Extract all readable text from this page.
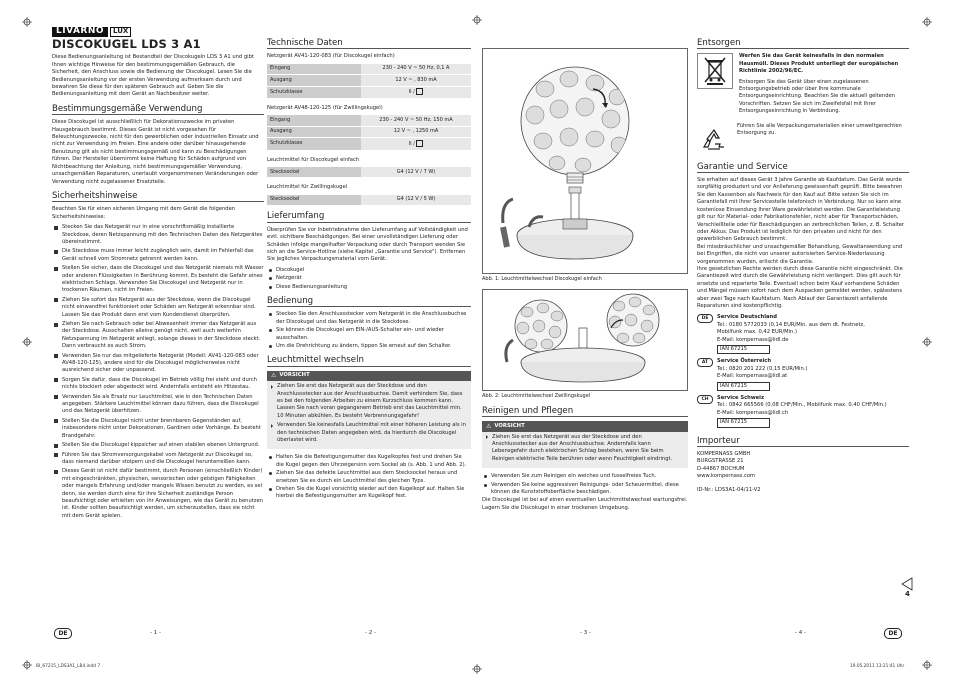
LIVARNO	LUX
DISCOKUGEL LDS 3 A1

Diese Bedienungsanleitung ist Bestandteil der Discokugeln LDS 3 A1 und gibt Ihnen wichtige Hinweise für den bestimmungsgemäßen Gebrauch, die Sicherheit, den Anschluss sowie die Bedienung der Discokugel. Lesen Sie die Bedienungsanleitung vor der ersten Verwendung aufmerksam durch und bewahren Sie diese für den späteren Gebrauch auf. Geben Sie die Bedienungsanleitung mit dem Gerät an Nachbesitzer weiter.

Bestimmungsgemäße Verwendung

Diese Discokugel ist ausschließlich für Dekorationszwecke im privaten Hausgebrauch bestimmt. Dieses Gerät ist nicht vorgesehen für Beleuchtungszwecke, nicht für den gewerblichen oder industriellen Einsatz und nicht zur Verwendung im Freien. Eine andere oder darüber hinausgehende Benutzung gilt als nicht bestimmungsgemäß und kann zu Beschädigungen führen. Der Hersteller übernimmt keine Haftung für Schäden aufgrund von Nichtbeachtung der Anleitung, nicht bestimmungsgemäßer Verwendung, unsachgemäßen Reparaturen, unerlaubt vorgenommenen Veränderungen oder Verwendung nicht zugelassener Ersatzteile.

Sicherheitshinweise

Beachten Sie für einen sicheren Umgang mit dem Gerät die folgenden Sicherheitshinweise:

Stecken Sie das Netzgerät nur in eine vorschriftsmäßig installierte Steckdose, deren Netzspannung mit den Technischen Daten des Netzgerätes übereinstimmt.
Die Steckdose muss immer leicht zugänglich sein, damit im Fehlerfall das Gerät schnell vom Stromnetz getrennt werden kann.
Stellen Sie sicher, dass die Discokugel und das Netzgerät niemals mit Wasser oder anderen Flüssigkeiten in Berührung kommt. Es besteht die Gefahr eines elektrischen Schlags. Verwenden Sie Discokugel und Netzgerät nur in trockenen Räumen, nicht im Freien.
Ziehen Sie sofort das Netzgerät aus der Steckdose, wenn die Discokugel nicht einwandfrei funktioniert oder Schäden am Netzgerät erkennbar sind. Lassen Sie das Produkt dann erst vom Kundendienst überprüfen.
Ziehen Sie nach Gebrauch oder bei Abwesenheit immer das Netzgerät aus der Steckdose. Ausschalten alleine genügt nicht, weil auch weiterhin Netzspannung im Netzgerät anliegt, solange dieses in der Steckdose steckt. Dann verbraucht es auch Strom.
Verwenden Sie nur das mitgelieferte Netzgerät (Modell: AV41-120-083 oder AV48-120-125), andere sind für die Discokugel möglicherweise nicht ausreichend sicher oder unpassend.
Sorgen Sie dafür, dass die Discokugel im Betrieb völlig frei steht und durch nichts blockiert oder abgedeckt wird. Andernfalls entsteht ein Hitzestau.
Verwenden Sie als Ersatz nur Leuchtmittel, wie in den Technischen Daten angegeben. Stärkere Leuchtmittel können dazu führen, dass die Discokugel und das Netzgerät überhitzen.
Stellen Sie die Discokugel nicht unter brennbaren Gegenständen auf, insbesondere nicht unter Dekorationen, Gardinen oder Vorhänge. Es besteht Brandgefahr.
Stellen Sie die Discokugel kippsicher auf einen stabilen ebenen Untergrund.
Führen Sie das Stromversorgungskabel vom Netzgerät zur Discokugel so, dass niemand darüber stolpern und die Discokugel herunterreißen kann.
Dieses Gerät ist nicht dafür bestimmt, durch Personen (einschließlich Kinder) mit eingeschränkten, physischen, sensorischen oder geistigen Fähigkeiten oder mangels Erfahrung und/oder mangels Wissen benutzt zu werden, es sei denn, sie werden durch eine für ihre Sicherheit zuständige Person beaufsichtigt oder erhielten von ihr Anweisungen, wie das Gerät zu benutzen ist. Kinder sollten beaufsichtigt werden, um sicherzustellen, dass sie nicht mit dem Gerät spielen.
Technische Daten

Netzgerät AV41-120-083 (für Discokugel einfach)

Eingang	230 - 240 V ~ 50 Hz, 0,1 A
Ausgang	12 V ~ , 830 mA
Schutzklasse	II /

Netzgerät AV48-120-125 (für Zwillingskugel)

Eingang	230 - 240 V ~ 50 Hz, 150 mA
Ausgang	12 V ~ , 1250 mA
Schutzklasse	II /

Leuchtmittel für Discokugel einfach

Stecksockel	G4 (12 V / 7 W)

Leuchtmittel für Zwillingskugel

Stecksockel	G4 (12 V / 5 W)
Lieferumfang

Überprüfen Sie vor Inbetriebnahme den Lieferumfang auf Vollständigkeit und evtl. sichtbare Beschädigungen. Bei einer unvollständigen Lieferung oder Schäden infolge mangelhafter Verpackung oder durch Transport wenden Sie sich an die Service-Hotline (siehe Kapitel „Garantie und Service"). Entfernen Sie jegliches Verpackungsmaterial vom Gerät.

Discokugel
Netzgerät
Diese Bedienungsanleitung
Bedienung
Stecken Sie den Anschlussstecker vom Netzgerät in die Anschlussbuchse der Discokugel und das Netzgerät in die Steckdose.
Sie können die Discokugel am EIN-/AUS-Schalter ein- und wieder ausschalten.
Um die Drehrichtung zu ändern, tippen Sie erneut auf den Schalter.
Leuchtmittel wechseln
⚠ VORSICHT
Ziehen Sie erst das Netzgerät aus der Steckdose und den Anschlussstecker aus der Anschlussbuchse. Damit verhindern Sie, dass es bei den folgenden Arbeiten zu einem Kurzschluss kommen kann. Lassen Sie nach voran gegangenem Betrieb erst das Leuchtmittel min. 10 Minuten abkühlen. Es besteht Verbrennungsgefahr!
Verwenden Sie keinesfalls Leuchtmittel mit einer höheren Leistung als in den technischen Daten angegeben wird, da hierdurch die Discokugel überlastet wird.
Halten Sie die Befestigungsmutter des Kugelkopfes fest und drehen Sie die Kugel gegen den Uhrzeigersinn vom Sockel ab (s. Abb. 1 und Abb. 2).
Ziehen Sie das defekte Leuchtmittel aus dem Stecksockel heraus und ersetzen Sie es durch ein Leuchtmittel des gleichen Typs.
Drehen Sie die Kugel vorsichtig wieder auf den Kugelkopf auf. Halten Sie hierbei die Befestigungsmutter am Kugelkopf fest.
Abb. 1: Leuchtmittelwechsel Discokugel einfach
Abb. 2: Leuchtmittelwechsel Zwillingskugel
Reinigen und Pflegen
⚠ VORSICHT
Ziehen Sie erst das Netzgerät aus der Steckdose und den Anschlussstecker aus der Anschlussbuchse. Andernfalls kann Lebensgefahr durch elektrischen Schlag bestehen, wenn Sie beim Reinigen elektrische Teile berühren oder wenn Feuchtigkeit eindringt.
Verwenden Sie zum Reinigen ein weiches und fusselfreies Tuch.
Verwenden Sie keine aggressiven Reinigungs- oder Scheuermittel, diese können die Kunststoffoberfläche beschädigen.

Die Discokugel ist bei auf einen eventuellen Leuchtmittelwechsel wartungsfrei. Lagern Sie die Discokugel in einer trockenen Umgebung.

Entsorgen

Werfen Sie das Gerät keinesfalls in den normalen Hausmüll. Dieses Produkt unterliegt der europäischen Richtlinie 2002/96/EC.

Entsorgen Sie das Gerät über einen zugelassenen Entsorgungsbetrieb oder über Ihre kommunale Entsorgungseinrichtung. Beachten Sie die aktuell geltenden Vorschriften. Setzen Sie sich im Zweifelsfall mit Ihrer Entsorgungseinrichtung in Verbindung.

Führen Sie alle Verpackungsmaterialien einer umweltgerechten Entsorgung zu.

Garantie und Service

Sie erhalten auf dieses Gerät 3 Jahre Garantie ab Kaufdatum. Das Gerät wurde sorgfältig produziert und vor Anlieferung gewissenhaft geprüft. Bitte bewahren Sie den Kassenbon als Nachweis für den Kauf auf. Bitte setzen Sie sich im Garantiefall mit Ihrer Servicestelle telefonisch in Verbindung. Nur so kann eine kostenlose Einsendung Ihrer Ware gewährleistet werden. Die Garantieleistung gilt nur für Material- oder Fabrikationsfehler, nicht aber für Transportschäden, Verschleißteile oder für Beschädigungen an zerbrechlichen Teilen, z. B. Schalter oder Akkus. Das Produkt ist lediglich für den privaten und nicht für den gewerblichen Gebrauch bestimmt.

Bei missbräuchlicher und unsachgemäßer Behandlung, Gewaltanwendung und bei Eingriffen, die nicht von unserer autorisierten Service-Niederlassung vorgenommen wurden, erlischt die Garantie.

Ihre gesetzlichen Rechte werden durch diese Garantie nicht eingeschränkt. Die Garantiezeit wird durch die Gewährleistung nicht verlängert. Dies gilt auch für ersetzte und reparierte Teile. Eventuell schon beim Kauf vorhandene Schäden und Mängel müssen sofort nach dem Auspacken gemeldet werden, spätestens aber zwei Tage nach Kaufdatum. Nach Ablauf der Garantiezeit anfallende Reparaturen sind kostenpflichtig.

DE	Service Deutschland
Tel.: 0180 5772033 (0,14 EUR/Min. aus dem dt. Festnetz,
Mobilfunk max. 0,42 EUR/Min.)
E-Mail: kompernass@lidl.de
IAN 67215
AT	Service Österreich
Tel.: 0820 201 222 (0,15 EUR/Min.)
E-Mail: kompernass@lidl.at
IAN 67215
CH	Service Schweiz
Tel.: 0842 665566 (0,08 CHF/Min., Mobilfunk max. 0,40 CHF/Min.)
E-Mail: kompernass@lidl.ch
IAN 67215
Importeur
KOMPERNASS GMBH
BURGSTRASSE 21
D-44867 BOCHUM
www.kompernass.com
ID-Nr.: LDS3A1-04/11-V2
4
DE	DE
- 1 -	- 2 -	- 3 -	- 4 -
IB_67215_LDS3A1_LB4.indd 7	19.05.2011 13:21:41 Uhr
